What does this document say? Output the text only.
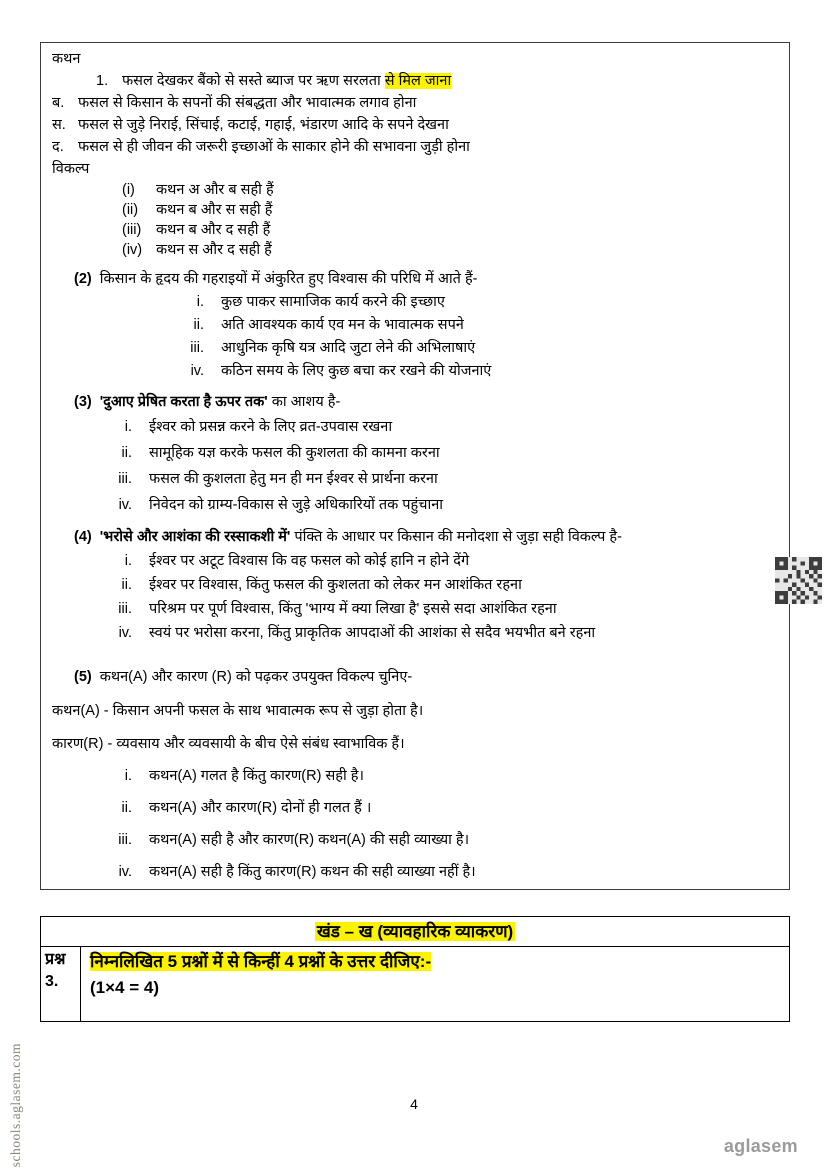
कथन
1. फसल देखकर बैंको से सस्ते ब्याज पर ऋण सरलता से मिल जाना
ब. फसल से किसान के सपनों की संबद्धता और भावात्मक लगाव होना
स. फसल से जुड़े निराई, सिंचाई, कटाई, गहाई, भंडारण आदि के सपने देखना
द. फसल से ही जीवन की जरूरी इच्छाओं के साकार होने की सभावना जुड़ी होना
विकल्प
(i)	कथन अ और ब सही हैं
(ii)	कथन ब और स सही हैं
(iii)	कथन ब और द सही हैं
(iv) कथन स और द सही हैं
(2) किसान के हृदय की गहराइयों में अंकुरित हुए विश्वास की परिधि में आते हैं-
i. कुछ पाकर सामाजिक कार्य करने की इच्छाए
ii. अति आवश्यक कार्य एव मन के भावात्मक सपने
iii. आधुनिक कृषि यत्र आदि जुटा लेने की अभिलाषाएं
iv. कठिन समय के लिए कुछ बचा कर रखने की योजनाएं
(3) 'दुआए प्रेषित करता है ऊपर तक' का आशय है-
i. ईश्वर को प्रसन्न करने के लिए व्रत-उपवास रखना
ii. सामूहिक यज्ञ करके फसल की कुशलता की कामना करना
iii. फसल की कुशलता हेतु मन ही मन ईश्वर से प्रार्थना करना
iv. निवेदन को ग्राम्य-विकास से जुड़े अधिकारियों तक पहुंचाना
(4) 'भरोसे और आशंका की रस्साकशी में' पंक्ति के आधार पर किसान की मनोदशा से जुड़ा सही विकल्प है-
i. ईश्वर पर अटूट विश्वास कि वह फसल को कोई हानि न होने देंगे
ii. ईश्वर पर विश्वास, किंतु फसल की कुशलता को लेकर मन आशंकित रहना
iii. परिश्रम पर पूर्ण विश्वास, किंतु 'भाग्य में क्या लिखा है' इससे सदा आशंकित रहना
iv. स्वयं पर भरोसा करना, किंतु प्राकृतिक आपदाओं की आशंका से सदैव भयभीत बने रहना
(5) कथन(A) और कारण (R) को पढ़कर उपयुक्त विकल्प चुनिए-
कथन(A) - किसान अपनी फसल के साथ भावात्मक रूप से जुड़ा होता है।
कारण(R) - व्यवसाय और व्यवसायी के बीच ऐसे संबंध स्वाभाविक हैं।
i. कथन(A) गलत है किंतु कारण(R) सही है।
ii. कथन(A) और कारण(R) दोनों ही गलत हैं ।
iii. कथन(A) सही है और कारण(R) कथन(A) की सही व्याख्या है।
iv. कथन(A) सही है किंतु कारण(R) कथन की सही व्याख्या नहीं है।
खंड – ख (व्यावहारिक व्याकरण)
प्रश्न 3.
निम्नलिखित 5 प्रश्नों में से किन्हीं 4 प्रश्नों के उत्तर दीजिए:-
(1×4 = 4)
4
schools.aglasem.com	aglasem
